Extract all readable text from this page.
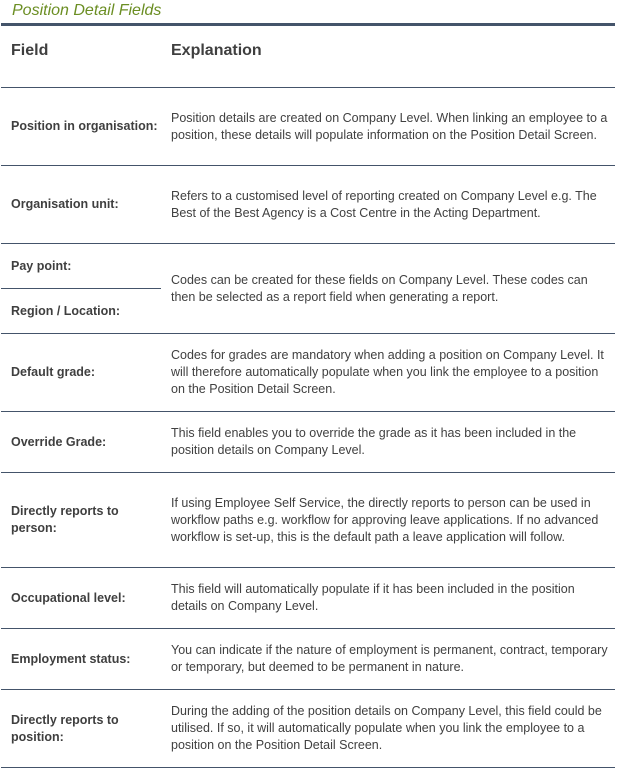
Position Detail Fields
Field	Explanation
Position in organisation:
Position details are created on Company Level. When linking an employee to a position, these details will populate information on the Position Detail Screen.
Organisation unit:
Refers to a customised level of reporting created on Company Level e.g. The Best of the Best Agency is a Cost Centre in the Acting Department.
Pay point:
Region / Location:
Codes can be created for these fields on Company Level. These codes can then be selected as a report field when generating a report.
Default grade:
Codes for grades are mandatory when adding a position on Company Level. It will therefore automatically populate when you link the employee to a position on the Position Detail Screen.
Override Grade:
This field enables you to override the grade as it has been included in the position details on Company Level.
Directly reports to person:
If using Employee Self Service, the directly reports to person can be used in workflow paths e.g. workflow for approving leave applications. If no advanced workflow is set-up, this is the default path a leave application will follow.
Occupational level:
This field will automatically populate if it has been included in the position details on Company Level.
Employment status:
You can indicate if the nature of employment is permanent, contract, temporary or temporary, but deemed to be permanent in nature.
Directly reports to position:
During the adding of the position details on Company Level, this field could be utilised. If so, it will automatically populate when you link the employee to a position on the Position Detail Screen.
